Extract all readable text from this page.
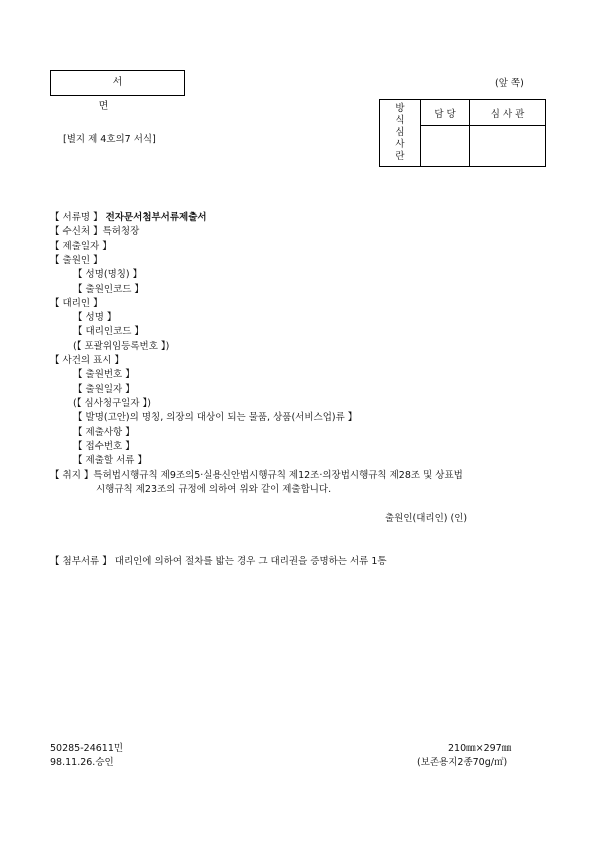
서 면
(앞 쪽)
[별지 제 4호의7 서식]
방
식
심
사
란	담 당	심 사 관

【 서류명 】 전자문서첨부서류제출서
【 수신처 】특허청장
【 제출일자 】
【 출원인 】
【 성명(명칭) 】
【 출원인코드 】
【 대리인 】
【 성명 】
【 대리인코드 】
(【 포괄위임등록번호 】)
【 사건의 표시 】
【 출원번호 】
【 출원일자 】
(【 심사청구일자 】)
【 발명(고안)의 명칭, 의장의 대상이 되는 물품, 상품(서비스업)류 】
【 제출사항 】
【 접수번호 】
【 제출할 서류 】
【 취지 】특허법시행규칙 제9조의5·실용신안법시행규칙 제12조·의장법시행규칙 제28조 및 상표법
시행규칙 제23조의 규정에 의하여 위와 같이 제출합니다.
출원인(대리인) (인)
【 첨부서류 】 대리인에 의하여 절차를 밟는 경우 그 대리권을 증명하는 서류 1통
50285-24611민
98.11.26.승인
210㎜×297㎜
(보존용지2종70g/㎡)
